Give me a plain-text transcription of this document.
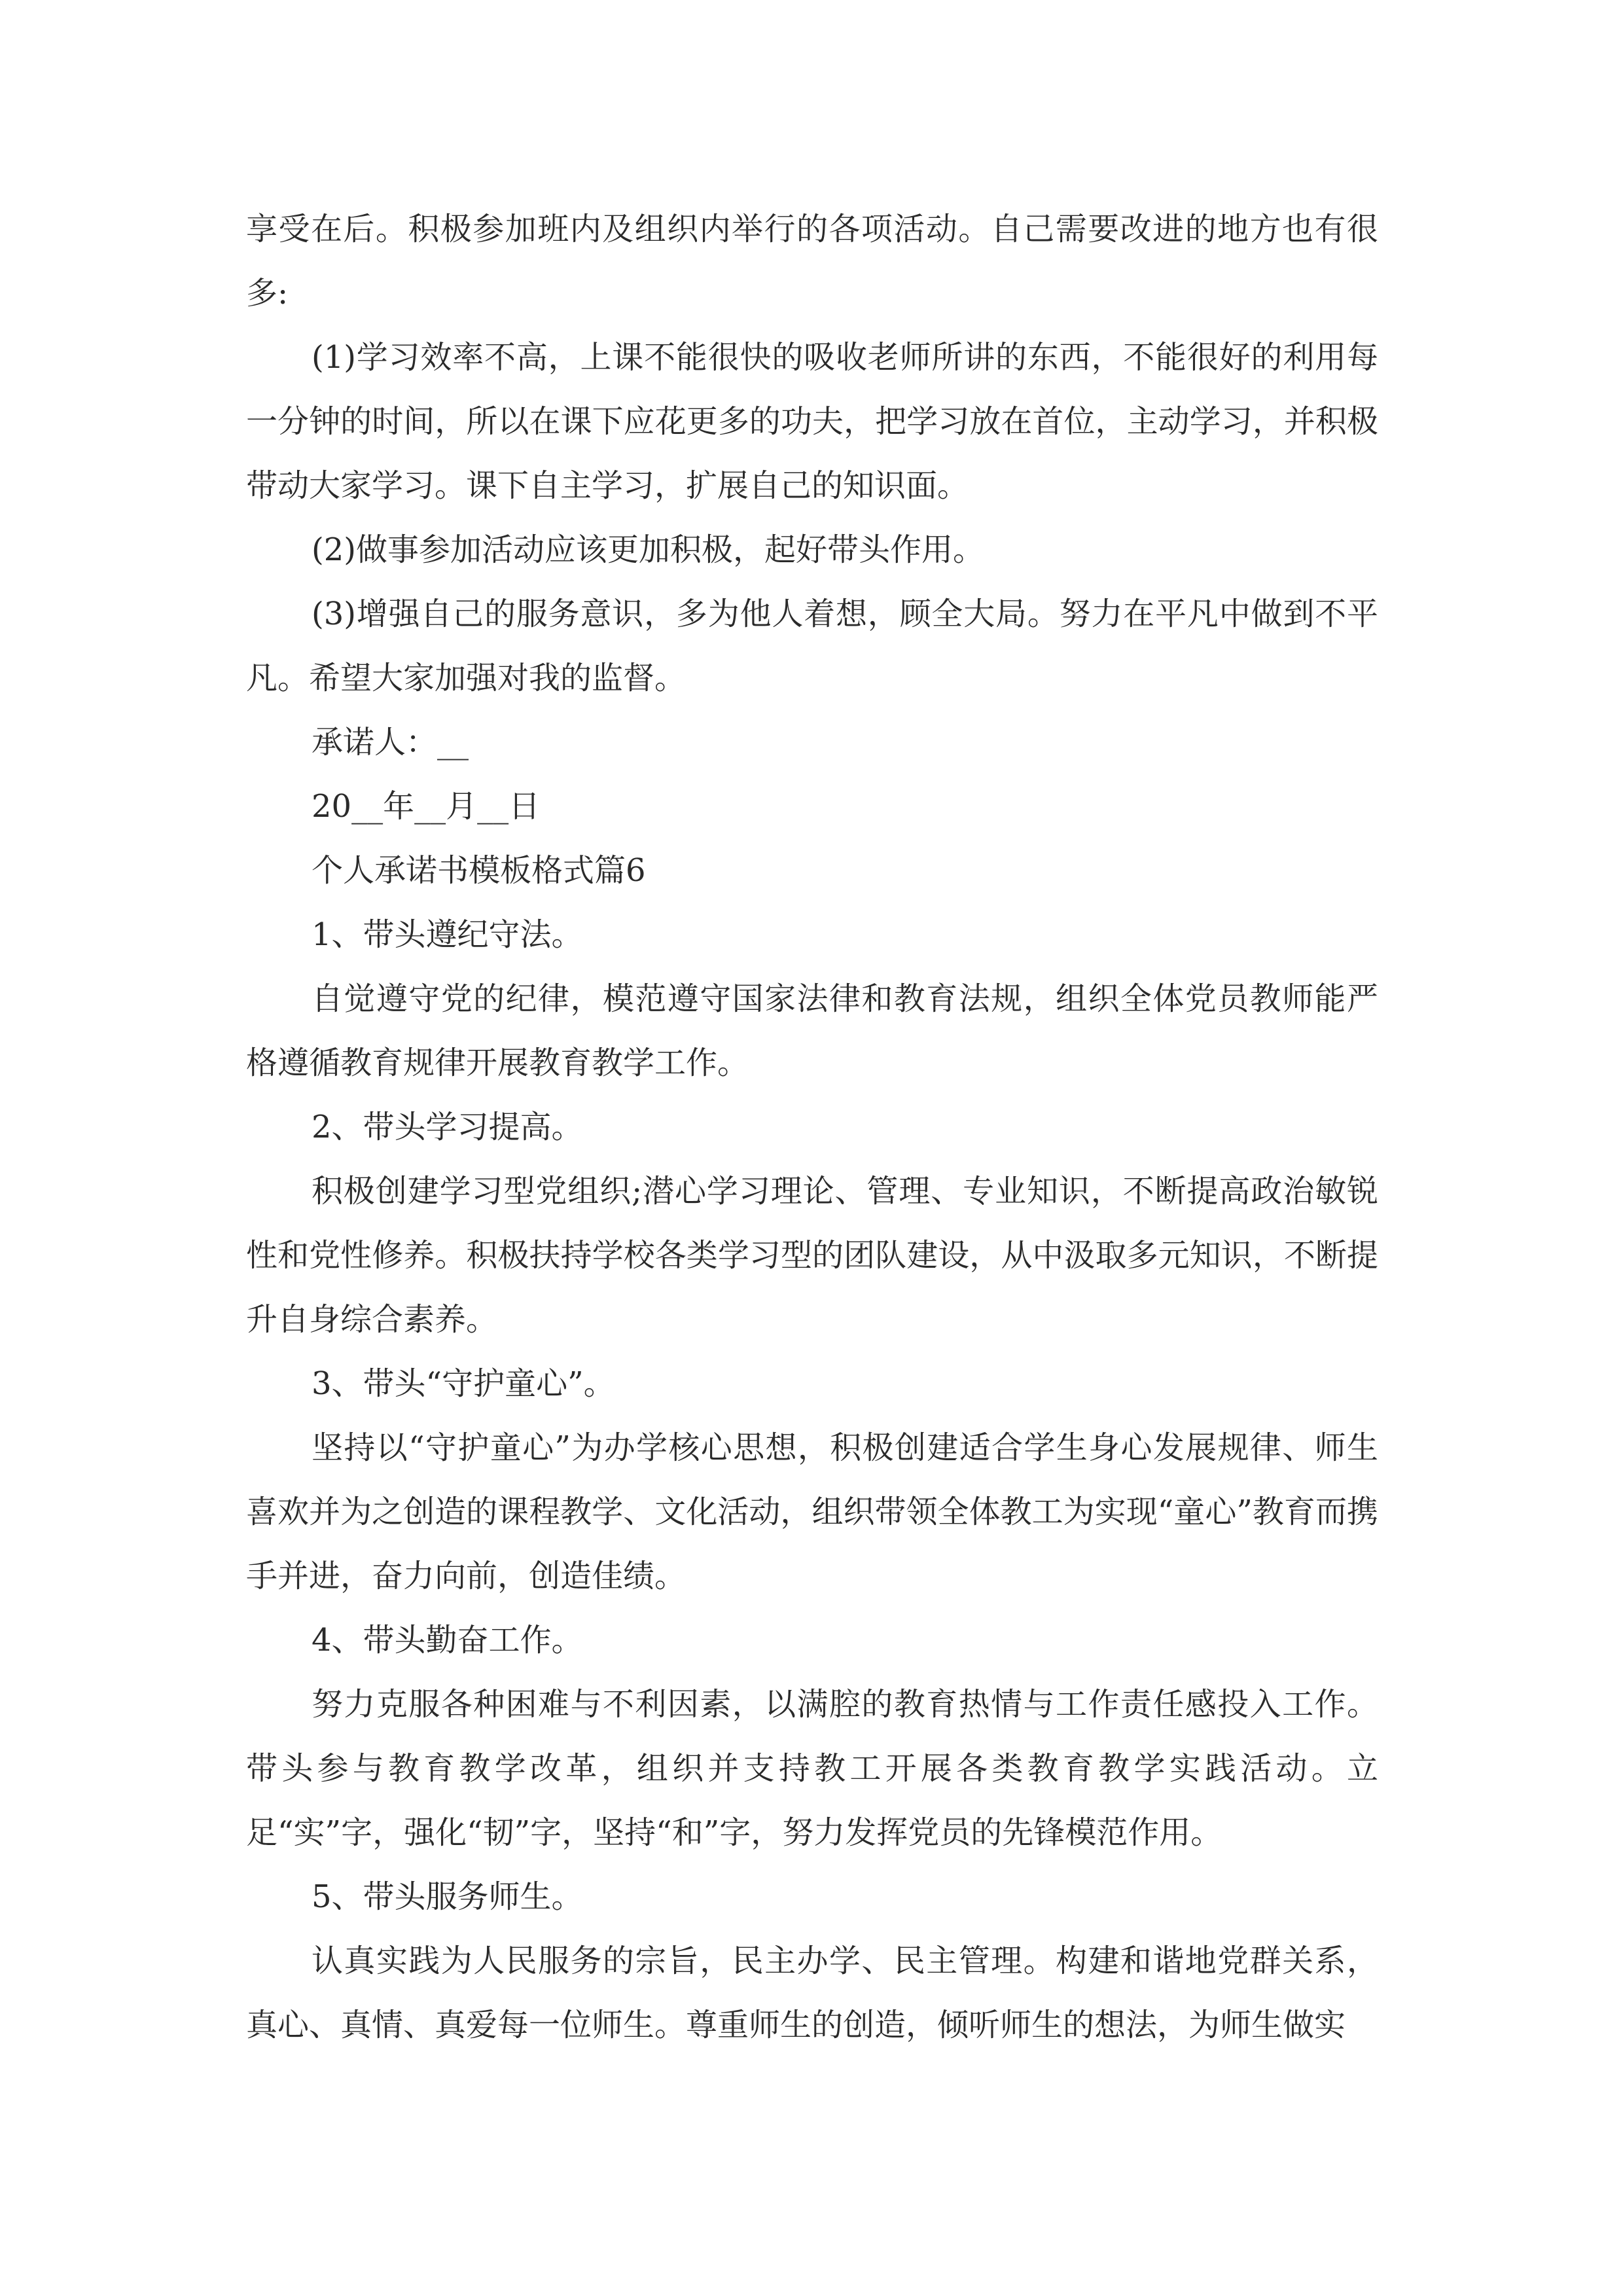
享受在后。积极参加班内及组织内举行的各项活动。自己需要改进的地方也有很多:

(1)学习效率不高，上课不能很快的吸收老师所讲的东西，不能很好的利用每一分钟的时间，所以在课下应花更多的功夫，把学习放在首位，主动学习，并积极带动大家学习。课下自主学习，扩展自己的知识面。

(2)做事参加活动应该更加积极，起好带头作用。

(3)增强自己的服务意识，多为他人着想，顾全大局。努力在平凡中做到不平凡。希望大家加强对我的监督。

承诺人：__

20__年__月__日

个人承诺书模板格式篇6

1、带头遵纪守法。

自觉遵守党的纪律，模范遵守国家法律和教育法规，组织全体党员教师能严格遵循教育规律开展教育教学工作。

2、带头学习提高。

积极创建学习型党组织;潜心学习理论、管理、专业知识，不断提高政治敏锐性和党性修养。积极扶持学校各类学习型的团队建设，从中汲取多元知识，不断提升自身综合素养。

3、带头“守护童心”。

坚持以“守护童心”为办学核心思想，积极创建适合学生身心发展规律、师生喜欢并为之创造的课程教学、文化活动，组织带领全体教工为实现“童心”教育而携手并进，奋力向前，创造佳绩。

4、带头勤奋工作。

努力克服各种困难与不利因素，以满腔的教育热情与工作责任感投入工作。带头参与教育教学改革，组织并支持教工开展各类教育教学实践活动。立足“实”字，强化“韧”字，坚持“和”字，努力发挥党员的先锋模范作用。

5、带头服务师生。

认真实践为人民服务的宗旨，民主办学、民主管理。构建和谐地党群关系，真心、真情、真爱每一位师生。尊重师生的创造，倾听师生的想法，为师生做实
